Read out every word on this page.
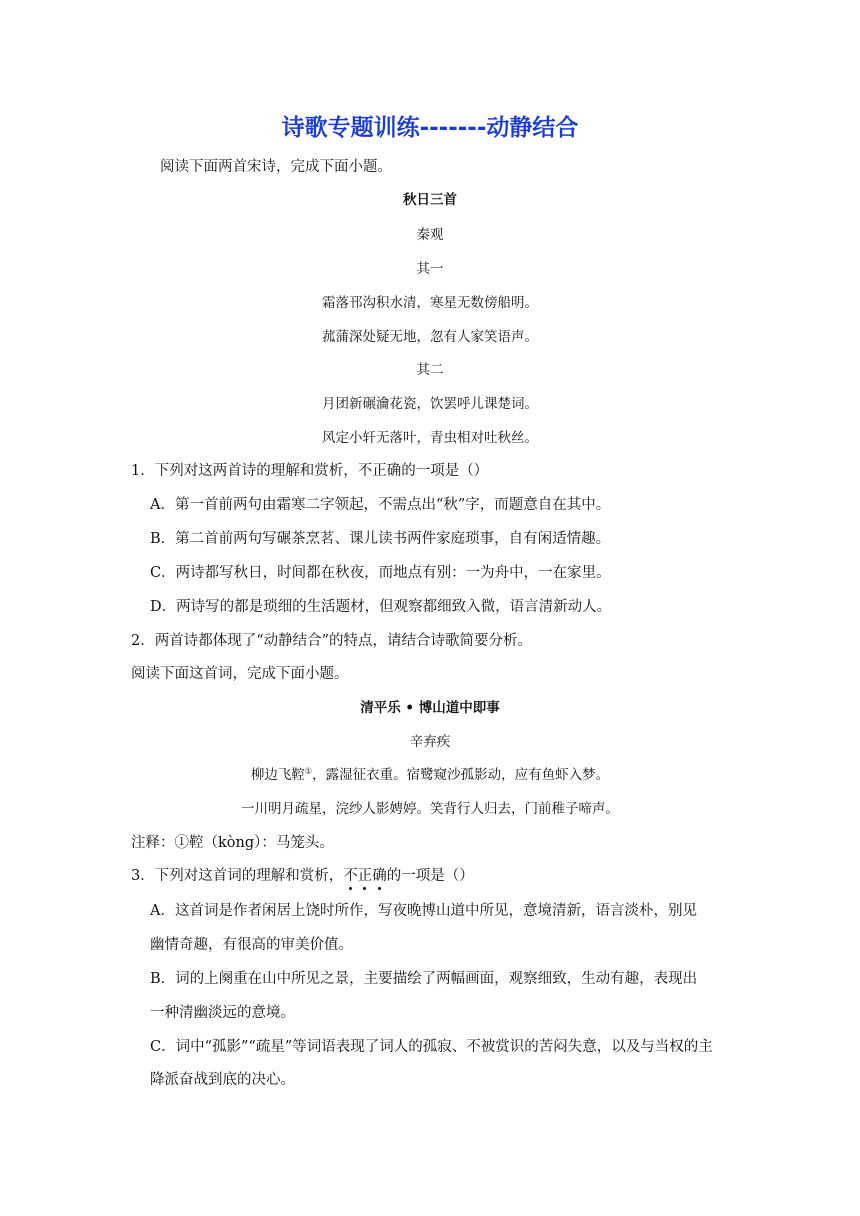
诗歌专题训练-------动静结合
阅读下面两首宋诗，完成下面小题。
秋日三首
秦观
其一
霜落邗沟积水清，寒星无数傍船明。
菰蒲深处疑无地，忽有人家笑语声。
其二
月团新碾瀹花瓷，饮罢呼儿课楚词。
风定小轩无落叶，青虫相对吐秋丝。
1．下列对这两首诗的理解和赏析，不正确的一项是（）
A．第一首前两句由霜寒二字领起，不需点出“秋”字，而题意自在其中。
B．第二首前两句写碾茶烹茗、课儿读书两件家庭琐事，自有闲适情趣。
C．两诗都写秋日，时间都在秋夜，而地点有别：一为舟中，一在家里。
D．两诗写的都是琐细的生活题材，但观察都细致入微，语言清新动人。
2．两首诗都体现了“动静结合”的特点，请结合诗歌简要分析。
阅读下面这首词，完成下面小题。
清平乐 • 博山道中即事
辛弃疾
柳边飞鞚①，露湿征衣重。宿鹭窥沙孤影动，应有鱼虾入梦。
一川明月疏星，浣纱人影娉婷。笑背行人归去，门前稚子啼声。
注释：①鞚（kòng）：马笼头。
3．下列对这首词的理解和赏析，不正确的一项是（）
A．这首词是作者闲居上饶时所作，写夜晚博山道中所见，意境清新，语言淡朴，别见
幽情奇趣，有很高的审美价值。
B．词的上阕重在山中所见之景，主要描绘了两幅画面，观察细致，生动有趣，表现出
一种清幽淡远的意境。
C．词中“孤影”“疏星”等词语表现了词人的孤寂、不被赏识的苦闷失意，以及与当权的主
降派奋战到底的决心。
